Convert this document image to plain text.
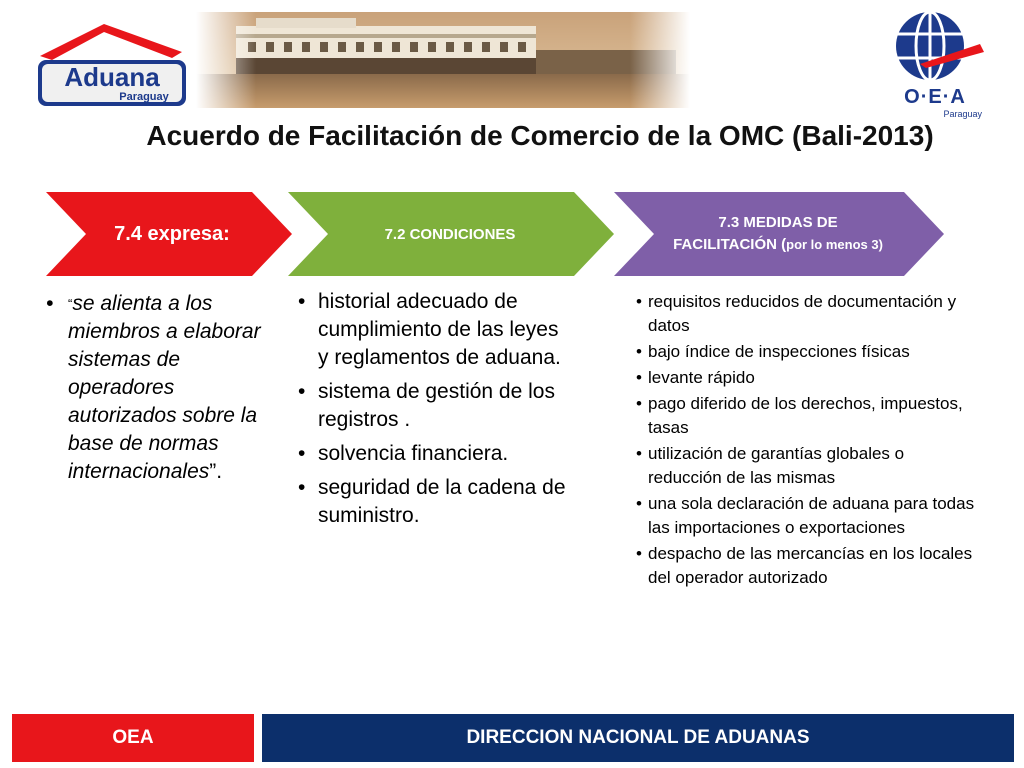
Aduana
Paraguay	O·E·A
Paraguay
Acuerdo de Facilitación de Comercio de la OMC (Bali-2013)
7.4 expresa:	7.2 CONDICIONES
7.3 MEDIDAS DE
FACILITACIÓN (por lo menos 3)
• “se alienta a los miembros a elaborar sistemas de operadores autorizados sobre la base de normas internacionales”.
• historial adecuado de cumplimiento de las leyes y reglamentos de aduana.
• sistema de gestión de los registros .
• solvencia financiera.
• seguridad de la cadena de suministro.
• requisitos reducidos de documentación y datos
• bajo índice de inspecciones físicas
• levante rápido
• pago diferido de los derechos, impuestos, tasas
• utilización de garantías globales o reducción de las mismas
• una sola declaración de aduana para todas las importaciones o exportaciones
• despacho de las mercancías en los locales del operador autorizado
OEA	DIRECCION NACIONAL DE ADUANAS
